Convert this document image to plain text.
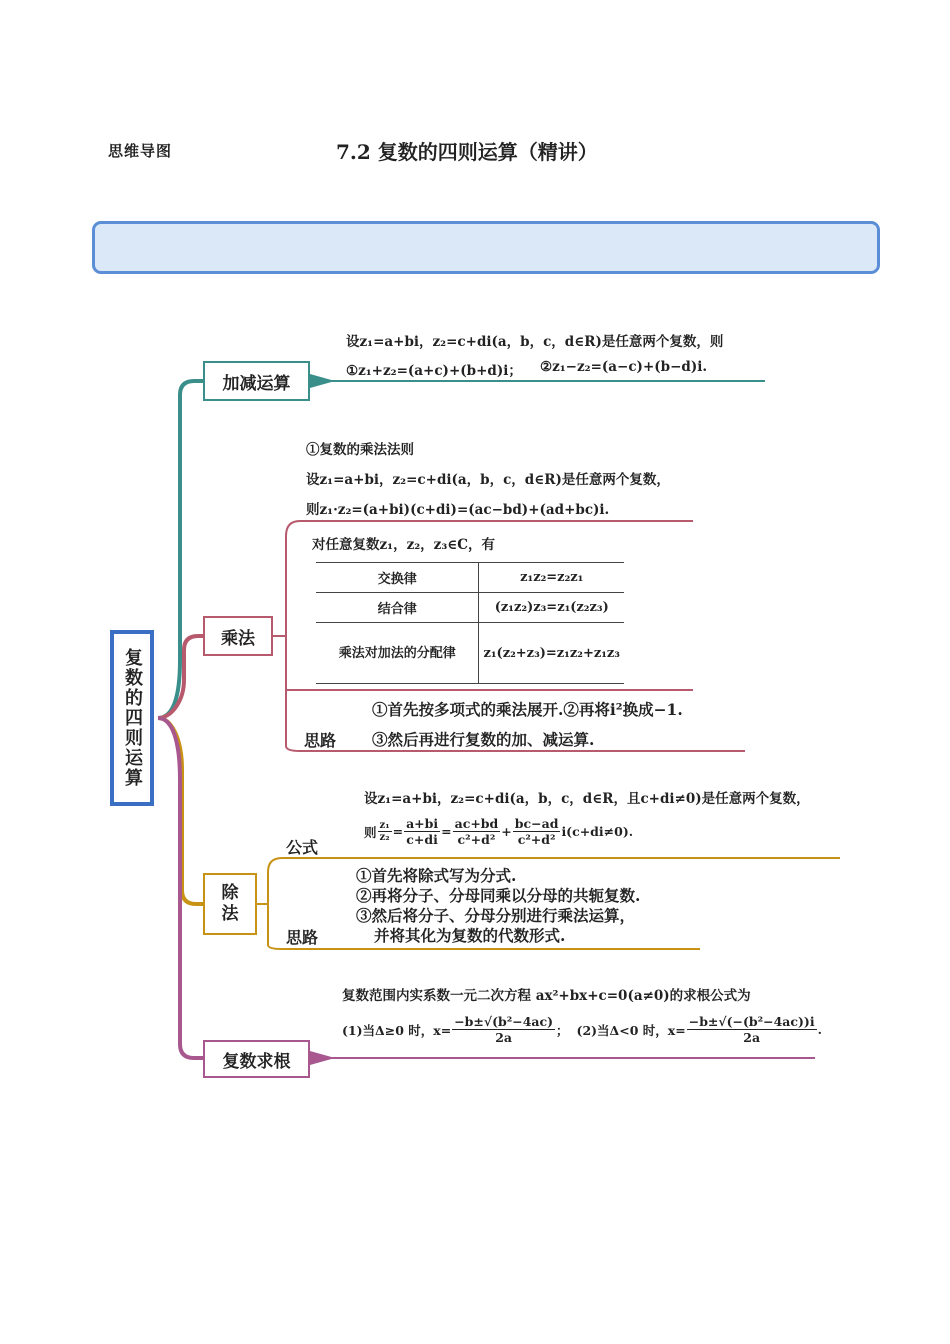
思维导图	7.2 复数的四则运算（精讲）
复数的四则运算
加减运算
设z₁=a+bi，z₂=c+di(a，b，c，d∈R)是任意两个复数，则
①z₁+z₂=(a+c)+(b+d)i； ②z₁−z₂=(a−c)+(b−d)i.
乘法
①复数的乘法法则
设z₁=a+bi，z₂=c+di(a，b，c，d∈R)是任意两个复数，
则z₁·z₂=(a+bi)(c+di)=(ac−bd)+(ad+bc)i.
对任意复数z₁，z₂，z₃∈C，有
交换律	z₁z₂=z₂z₁
结合律	(z₁z₂)z₃=z₁(z₂z₃)
乘法对加法的分配律	z₁(z₂+z₃)=z₁z₂+z₁z₃
思路
①首先按多项式的乘法展开.②再将i²换成−1.
③然后再进行复数的加、减运算.
除
法
公式
设z₁=a+bi，z₂=c+di(a，b，c，d∈R，且c+di≠0)是任意两个复数，
则 $\frac{\text{z₁}}{\text{z₂}} = \frac{a+bi}{c+di} = \frac{ac+bd}{\text{c²+d²}} + \frac{bc-ad}{\text{c²+d²}} i(c+di\ne 0)$.
思路
①首先将除式写为分式.
②再将分子、分母同乘以分母的共轭复数.
③然后将分子、分母分别进行乘法运算，
并将其化为复数的代数形式.
复数求根
复数范围内实系数一元二次方程 ax²+bx+c=0(a≠0)的求根公式为
(1)当Δ≥0 时，$x= \frac{\text{−b±√(b²−4ac)}}{2a}$ ； (2)当Δ<0 时，$x= \frac{\text{−b±√(−(b²−4ac))i}}{2a}$ .
